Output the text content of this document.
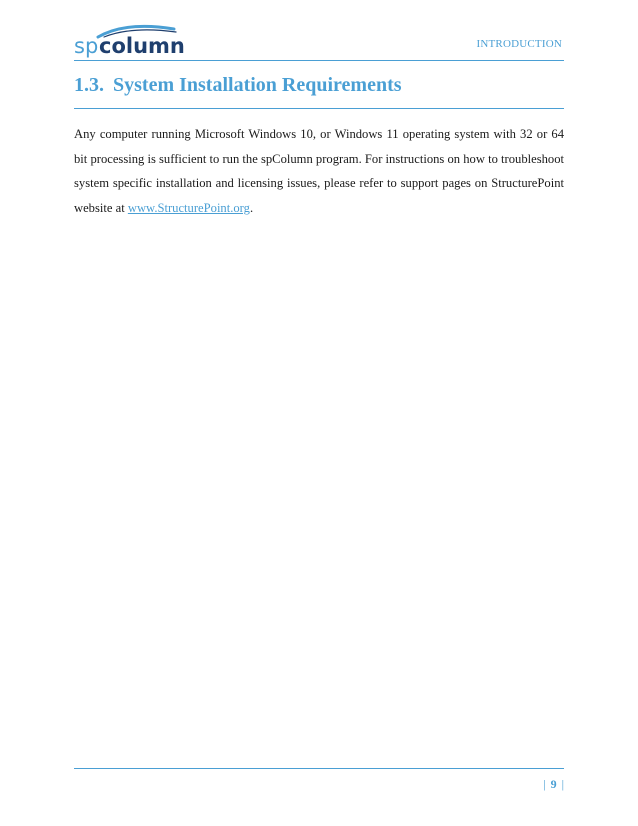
sp column	INTRODUCTION
1.3. System Installation Requirements

Any computer running Microsoft Windows 10, or Windows 11 operating system with 32 or 64 bit processing is sufficient to run the spColumn program. For instructions on how to troubleshoot system specific installation and licensing issues, please refer to support pages on StructurePoint website at www.StructurePoint.org.

| 9 |
